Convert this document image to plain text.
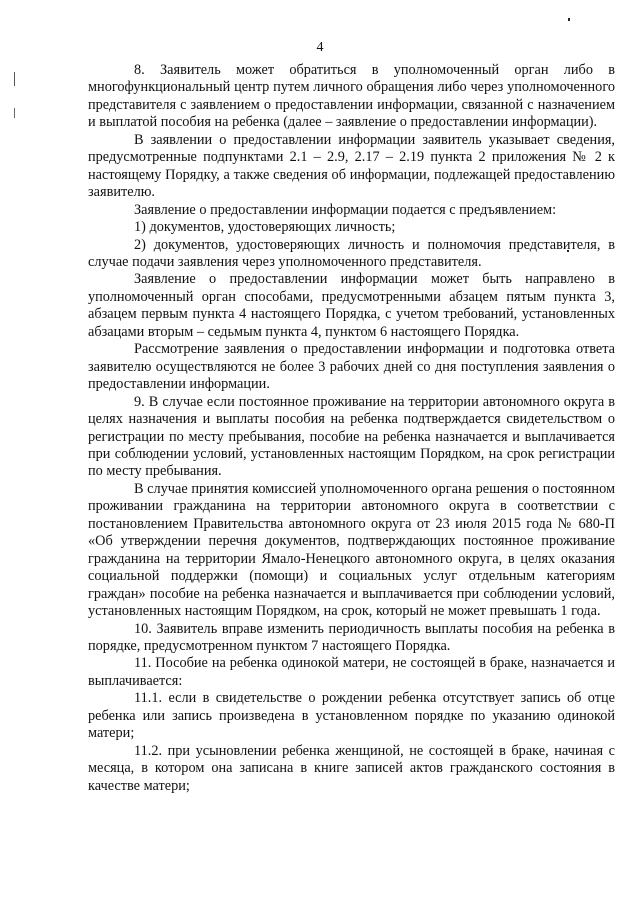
4

8. Заявитель может обратиться в уполномоченный орган либо в многофункциональный центр путем личного обращения либо через уполномоченного представителя с заявлением о предоставлении информации, связанной с назначением и выплатой пособия на ребенка (далее – заявление о предоставлении информации).

В заявлении о предоставлении информации заявитель указывает сведения, предусмотренные подпунктами 2.1 – 2.9, 2.17 – 2.19 пункта 2 приложения № 2 к настоящему Порядку, а также сведения об информации, подлежащей предоставлению заявителю.

Заявление о предоставлении информации подается с предъявлением:

1) документов, удостоверяющих личность;

2) документов, удостоверяющих личность и полномочия представителя, в случае подачи заявления через уполномоченного представителя.

Заявление о предоставлении информации может быть направлено в уполномоченный орган способами, предусмотренными абзацем пятым пункта 3, абзацем первым пункта 4 настоящего Порядка, с учетом требований, установленных абзацами вторым – седьмым пункта 4, пунктом 6 настоящего Порядка.

Рассмотрение заявления о предоставлении информации и подготовка ответа заявителю осуществляются не более 3 рабочих дней со дня поступления заявления о предоставлении информации.

9. В случае если постоянное проживание на территории автономного округа в целях назначения и выплаты пособия на ребенка подтверждается свидетельством о регистрации по месту пребывания, пособие на ребенка назначается и выплачивается при соблюдении условий, установленных настоящим Порядком, на срок регистрации по месту пребывания.

В случае принятия комиссией уполномоченного органа решения о постоянном проживании гражданина на территории автономного округа в соответствии с постановлением Правительства автономного округа от 23 июля 2015 года № 680-П «Об утверждении перечня документов, подтверждающих постоянное проживание гражданина на территории Ямало-Ненецкого автономного округа, в целях оказания социальной поддержки (помощи) и социальных услуг отдельным категориям граждан» пособие на ребенка назначается и выплачивается при соблюдении условий, установленных настоящим Порядком, на срок, который не может превышать 1 года.

10. Заявитель вправе изменить периодичность выплаты пособия на ребенка в порядке, предусмотренном пунктом 7 настоящего Порядка.

11. Пособие на ребенка одинокой матери, не состоящей в браке, назначается и выплачивается:

11.1. если в свидетельстве о рождении ребенка отсутствует запись об отце ребенка или запись произведена в установленном порядке по указанию одинокой матери;

11.2. при усыновлении ребенка женщиной, не состоящей в браке, начиная с месяца, в котором она записана в книге записей актов гражданского состояния в качестве матери;
